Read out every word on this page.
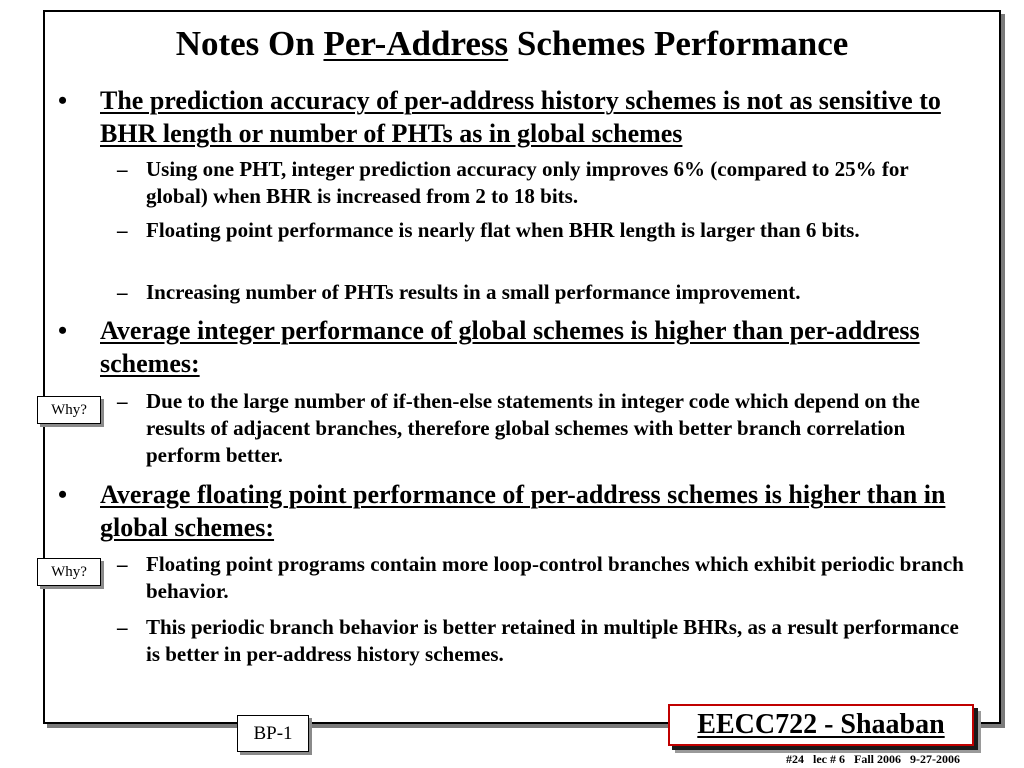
Notes On Per-Address Schemes Performance
• The prediction accuracy of per-address history schemes is not as sensitive to BHR length or number of PHTs as in global schemes
– Using one PHT, integer prediction accuracy only improves 6% (compared to 25% for global) when BHR is increased from 2 to 18 bits.
– Floating point performance is nearly flat when BHR length is larger than 6 bits.
– Increasing number of PHTs results in a small performance improvement.
• Average integer performance of global schemes is higher than per-address schemes:
– Due to the large number of if-then-else statements in integer code which depend on the results of adjacent branches, therefore global schemes with better branch correlation perform better.
• Average floating point performance of per-address schemes is higher than in global schemes:
– Floating point programs contain more loop-control branches which exhibit periodic branch behavior.
– This periodic branch behavior is better retained in multiple BHRs, as a result performance is better in per-address history schemes.
Why?
Why?
BP-1	EECC722 - Shaaban
#24   lec # 6   Fall 2006   9-27-2006
